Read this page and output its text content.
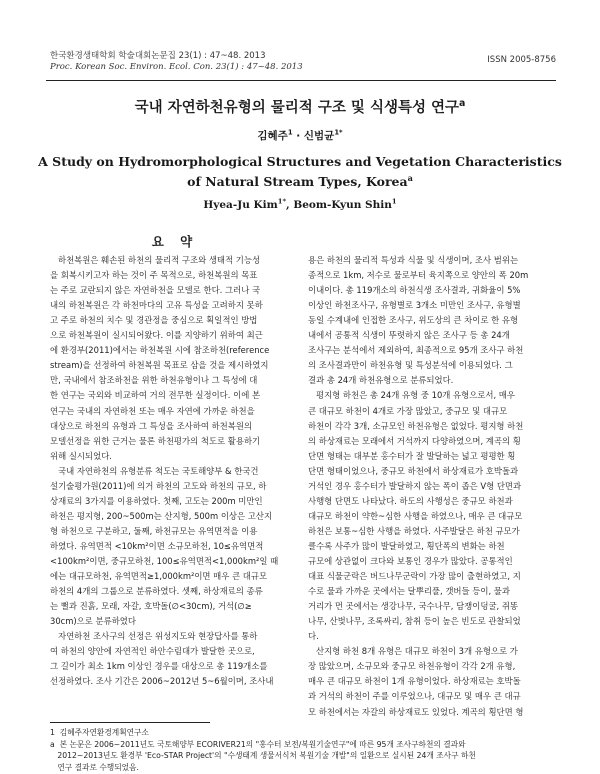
한국환경생태학회 학술대회논문집 23(1) : 47~48. 2013
Proc. Korean Soc. Environ. Ecol. Con. 23(1) : 47~48. 2013
ISSN 2005-8756
국내 자연하천유형의 물리적 구조 및 식생특성 연구$^a$
김혜주$^1$ · 신범균$^{1*}$
A Study on Hydromorphological Structures and Vegetation Characteristics
of Natural Stream Types, Korea$^a$
Hyea-Ju Kim$^{1*}$, Beom-Kyun Shin$^1$
요 약
하천복원은 훼손된 하천의 물리적 구조와 생태적 기능성
을 회복시키고자 하는 것이 주 목적으로, 하천복원의 목표
는 주로 교란되지 않은 자연하천을 모델로 한다. 그러나 국
내의 하천복원은 각 하천마다의 고유 특성을 고려하지 못하
고 주로 하천의 치수 및 경관정을 중심으로 획일적인 방법
으로 하천복원이 실시되어왔다. 이를 지양하기 위하여 최근
에 환경부(2011)에서는 하천복원 시에 참조하천(reference
stream)을 선정하여 하천복원 목표로 삼을 것을 제시하였지
만, 국내에서 참조하천을 위한 하천유형이나 그 특성에 대
한 연구는 국외와 비교하여 거의 전무한 실정이다. 이에 본
연구는 국내의 자연하천 또는 매우 자연에 가까운 하천을
대상으로 하천의 유형과 그 특성을 조사하여 하천복원의
모델선정을 위한 근거는 물론 하천평가의 척도로 활용하기
위해 실시되었다.
국내 자연하천의 유형분류 척도는 국토해양부 & 한국건
설기술평가원(2011)에 의거 하천의 고도와 하천의 규모, 하
상재료의 3가지를 이용하였다. 첫째, 고도는 200m 미만인
하천은 평지형, 200~500m는 산지형, 500m 이상은 고산지
형 하천으로 구분하고, 둘째, 하천규모는 유역면적을 이용
하였다. 유역면적 <10km²이면 소규모하천, 10≤유역면적
<100km²이면, 중규모하천, 100≤유역면적<1,000km²일 때
에는 대규모하천, 유역면적≥1,000km²이면 매우 큰 대규모
하천의 4개의 그룹으로 분류하였다. 셋째, 하상재료의 종류
는 뻘과 진흙, 모래, 자갈, 호박돌(∅<30cm), 거석(∅≥
30cm)으로 분류하였다
자연하천 조사구의 선정은 위성지도와 현장답사를 통하
여 하천의 양안에 자연적인 하안수림대가 발달한 곳으로,
그 길이가 최소 1km 이상인 경우를 대상으로 총 119개소를
선정하였다. 조사 기간은 2006~2012년 5~6월이며, 조사내
용은 하천의 물리적 특성과 식물 및 식생이며, 조사 범위는
종적으로 1km, 저수로 물로부터 육지쪽으로 양안의 폭 20m
이내이다. 총 119개소의 하천식생 조사결과, 귀화율이 5%
이상인 하천조사구, 유형별로 3개소 미만인 조사구, 유형별
동일 수계내에 인접한 조사구, 위도상의 큰 차이로 한 유형
내에서 공통적 식생이 뚜렷하지 않은 조사구 등 총 24개
조사구는 분석에서 제외하여, 최종적으로 95개 조사구 하천
의 조사결과만이 하천유형 및 특성분석에 이용되었다. 그
결과 총 24개 하천유형으로 분류되었다.
평지형 하천은 총 24개 유형 중 10개 유형으로서, 매우
큰 대규모 하천이 4개로 가장 많았고, 중규모 및 대규모
하천이 각각 3개, 소규모인 하천유형은 없었다. 평지형 하천
의 하상재료는 모래에서 거석까지 다양하였으며, 계곡의 횡
단면 형태는 대부분 홍수터가 잘 발달하는 넓고 평평한 횡
단면 형태이었으나, 중규모 하천에서 하상재료가 호박돌과
거석인 경우 홍수터가 발달하지 않는 폭이 좁은 V형 단면과
사행형 단면도 나타났다. 하도의 사행성은 중규모 하천과
대규모 하천이 약한~심한 사행을 하였으나, 매우 큰 대규모
하천은 보통~심한 사행을 하였다. 사주발달은 하천 규모가
클수록 사주가 많이 발달하였고, 횡단폭의 변화는 하천
규모에 상관없이 크다와 보통인 경우가 많았다. 공통적인
대표 식물군락은 버드나무군락이 가장 많이 출현하였고, 지
수로 물과 가까운 곳에서는 달뿌리풀, 갯버들 등이, 물과
거리가 먼 곳에서는 생강나무, 국수나무, 담쟁이덩굴, 쥐똥
나무, 산벚나무, 조록싸리, 참취 등이 높은 빈도로 관찰되었
다.
산지형 하천 8개 유형은 대규모 하천이 3개 유형으로 가
장 많았으며, 소규모와 중규모 하천유형이 각각 2개 유형,
매우 큰 대규모 하천이 1개 유형이었다. 하상재료는 호박돌
과 거석의 하천이 주를 이루었으나, 대규모 및 매우 큰 대규
모 하천에서는 자갈의 하상재료도 있었다. 계곡의 횡단면 형
1  김혜주자연환경계획연구소
a  본 논문은 2006~2011년도 국토해양부 ECORIVER21의 "홍수터 보전/복원기술연구"에 따른 95개 조사구하천의 결과와
2012~2013년도 환경부 'Eco-STAR Project'의 "수생태계 생물서식처 복원기술 개발"의 일환으로 실시된 24개 조사구 하천
연구 결과로 수행되었음.
